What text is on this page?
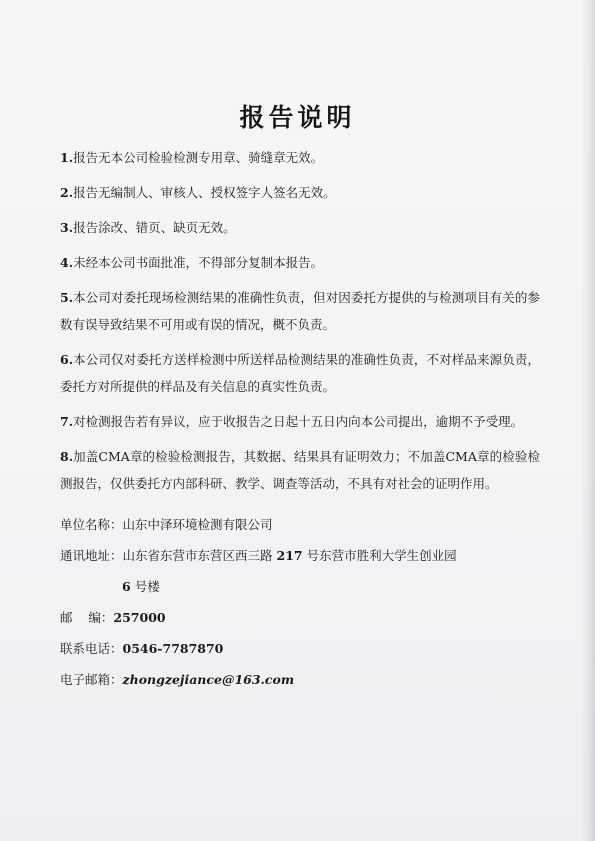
报告说明
1.报告无本公司检验检测专用章、骑缝章无效。
2.报告无编制人、审核人、授权签字人签名无效。
3.报告涂改、错页、缺页无效。
4.未经本公司书面批准，不得部分复制本报告。
5.本公司对委托现场检测结果的准确性负责，但对因委托方提供的与检测项目有关的参数有误导致结果不可用或有误的情况，概不负责。
6.本公司仅对委托方送样检测中所送样品检测结果的准确性负责，不对样品来源负责，委托方对所提供的样品及有关信息的真实性负责。
7.对检测报告若有异议，应于收报告之日起十五日内向本公司提出，逾期不予受理。
8.加盖CMA章的检验检测报告，其数据、结果具有证明效力；不加盖CMA章的检验检测报告，仅供委托方内部科研、教学、调查等活动，不具有对社会的证明作用。
单位名称：山东中泽环境检测有限公司
通讯地址：山东省东营市东营区西三路 217 号东营市胜利大学生创业园
6 号楼
邮    编：257000
联系电话：0546-7787870
电子邮箱：zhongzejiance@163.com
